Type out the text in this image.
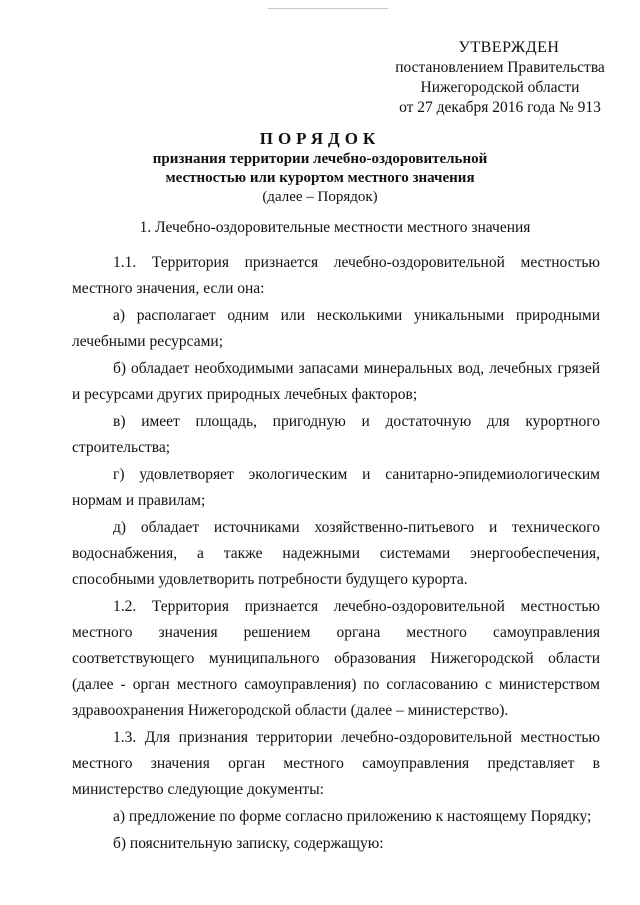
УТВЕРЖДЕН
постановлением Правительства
Нижегородской области
от 27 декабря 2016 года № 913
ПОРЯДОК
признания территории лечебно-оздоровительной
местностью или курортом местного значения
(далее – Порядок)
1. Лечебно-оздоровительные местности местного значения

1.1. Территория признается лечебно-оздоровительной местностью местного значения, если она:

а) располагает одним или несколькими уникальными природными лечебными ресурсами;

б) обладает необходимыми запасами минеральных вод, лечебных грязей и ресурсами других природных лечебных факторов;

в) имеет площадь, пригодную и достаточную для курортного строительства;

г) удовлетворяет экологическим и санитарно-эпидемиологическим нормам и правилам;

д) обладает источниками хозяйственно-питьевого и технического водоснабжения, а также надежными системами энергообеспечения, способными удовлетворить потребности будущего курорта.

1.2. Территория признается лечебно-оздоровительной местностью местного значения решением органа местного самоуправления соответствующего муниципального образования Нижегородской области (далее - орган местного самоуправления) по согласованию с министерством здравоохранения Нижегородской области (далее – министерство).

1.3. Для признания территории лечебно-оздоровительной местностью местного значения орган местного самоуправления представляет в министерство следующие документы:

а) предложение по форме согласно приложению к настоящему Порядку;

б) пояснительную записку, содержащую:
